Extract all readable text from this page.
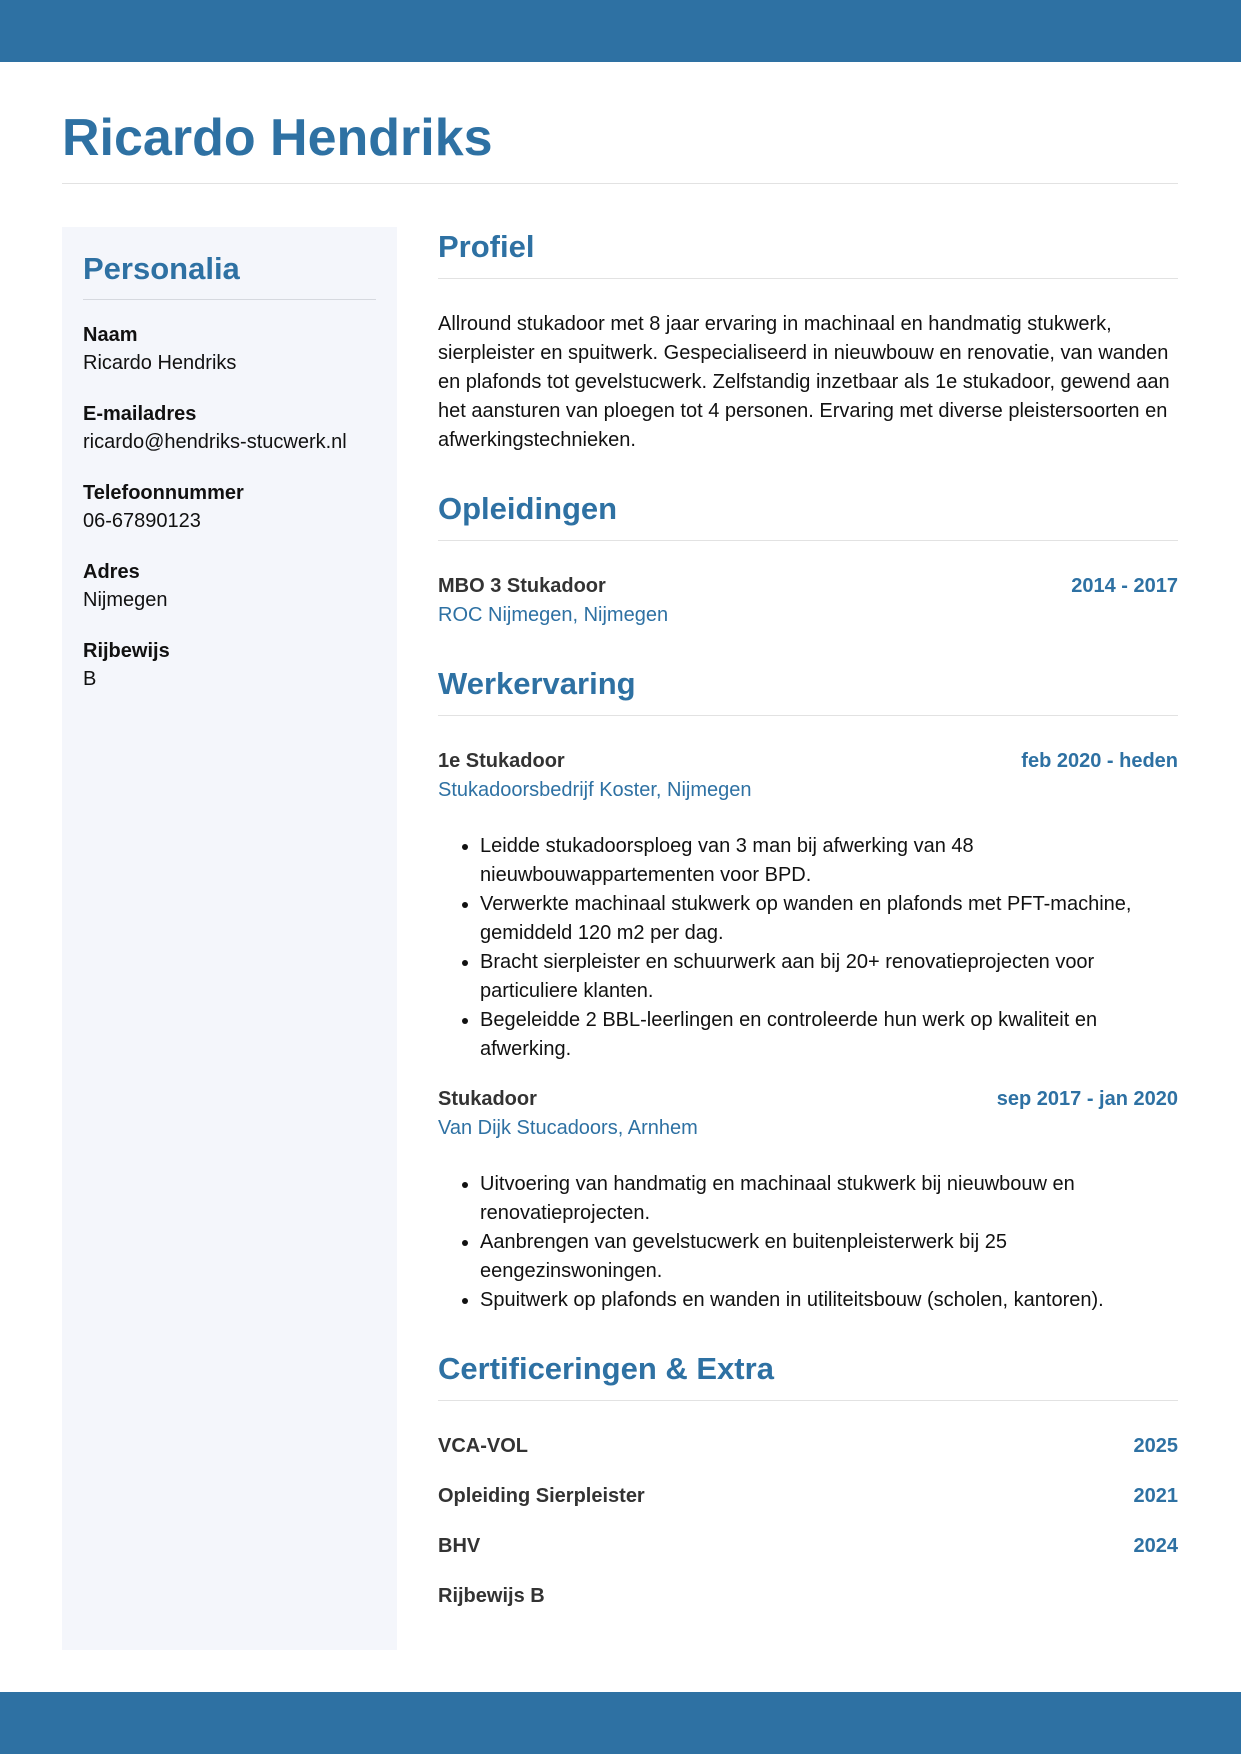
Ricardo Hendriks
Personalia
Naam
Ricardo Hendriks
E-mailadres
ricardo@hendriks-stucwerk.nl
Telefoonnummer
06-67890123
Adres
Nijmegen
Rijbewijs
B
Profiel

Allround stukadoor met 8 jaar ervaring in machinaal en handmatig stukwerk, sierpleister en spuitwerk. Gespecialiseerd in nieuwbouw en renovatie, van wanden en plafonds tot gevelstucwerk. Zelfstandig inzetbaar als 1e stukadoor, gewend aan het aansturen van ploegen tot 4 personen. Ervaring met diverse pleistersoorten en afwerkingstechnieken.

Opleidingen
MBO 3 Stukadoor	2014 - 2017
ROC Nijmegen, Nijmegen
Werkervaring
1e Stukadoor	feb 2020 - heden
Stukadoorsbedrijf Koster, Nijmegen
• Leidde stukadoorsploeg van 3 man bij afwerking van 48 nieuwbouwappartementen voor BPD.
• Verwerkte machinaal stukwerk op wanden en plafonds met PFT-machine, gemiddeld 120 m2 per dag.
• Bracht sierpleister en schuurwerk aan bij 20+ renovatieprojecten voor particuliere klanten.
• Begeleidde 2 BBL-leerlingen en controleerde hun werk op kwaliteit en afwerking.
Stukadoor	sep 2017 - jan 2020
Van Dijk Stucadoors, Arnhem
• Uitvoering van handmatig en machinaal stukwerk bij nieuwbouw en renovatieprojecten.
• Aanbrengen van gevelstucwerk en buitenpleisterwerk bij 25 eengezinswoningen.
• Spuitwerk op plafonds en wanden in utiliteitsbouw (scholen, kantoren).
Certificeringen & Extra
VCA-VOL	2025
Opleiding Sierpleister	2021
BHV	2024
Rijbewijs B
